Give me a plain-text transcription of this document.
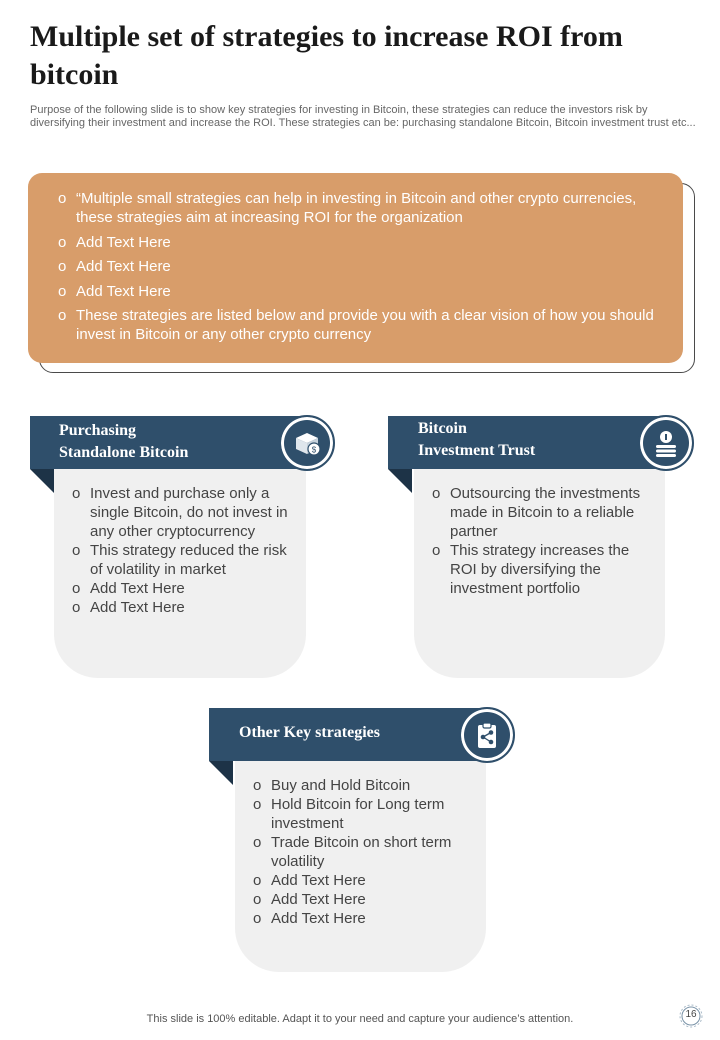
Multiple set of strategies to increase ROI from bitcoin
Purpose of the following slide is to show key strategies for investing in Bitcoin, these strategies can reduce the investors risk by diversifying their investment and increase the ROI. These strategies can be: purchasing standalone Bitcoin, Bitcoin investment trust etc...
o “Multiple small strategies can help in investing in Bitcoin and other crypto currencies, these strategies aim at increasing ROI for the organization
o Add Text Here
o Add Text Here
o Add Text Here
o These strategies are listed below and provide you with a clear vision of how you should invest in Bitcoin or any other crypto currency
o Invest and purchase only a single Bitcoin, do not invest in any other cryptocurrency
o This strategy reduced the risk of volatility in market
o Add Text Here
o Add Text Here
Purchasing
Standalone Bitcoin	$
o Outsourcing the investments made in Bitcoin to a reliable partner
o This strategy increases the ROI by diversifying the investment portfolio
Bitcoin
Investment Trust
o Buy and Hold Bitcoin
o Hold Bitcoin for Long term investment
o Trade Bitcoin on short term volatility
o Add Text Here
o Add Text Here
o Add Text Here
Other Key strategies
This slide is 100% editable. Adapt it to your need and capture your audience’s attention.	16
